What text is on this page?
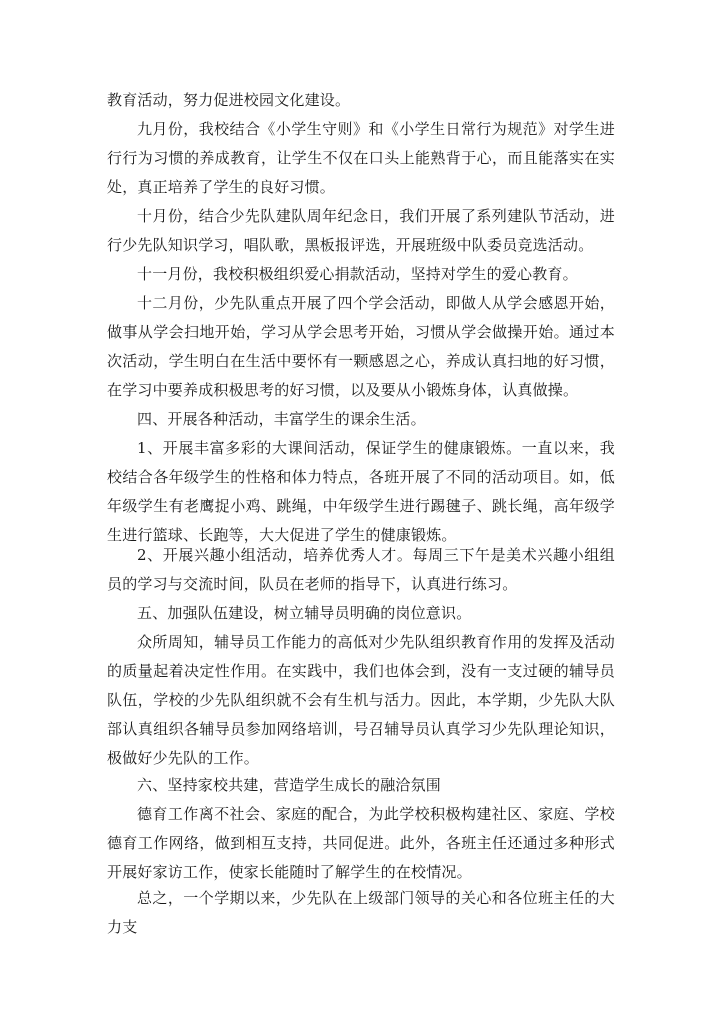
教育活动，努力促进校园文化建设。

九月份，我校结合《小学生守则》和《小学生日常行为规范》对学生进行行为习惯的养成教育，让学生不仅在口头上能熟背于心，而且能落实在实处，真正培养了学生的良好习惯。

十月份，结合少先队建队周年纪念日，我们开展了系列建队节活动，进行少先队知识学习，唱队歌，黑板报评选，开展班级中队委员竞选活动。

十一月份，我校积极组织爱心捐款活动，坚持对学生的爱心教育。

十二月份，少先队重点开展了四个学会活动，即做人从学会感恩开始，做事从学会扫地开始，学习从学会思考开始，习惯从学会做操开始。通过本次活动，学生明白在生活中要怀有一颗感恩之心，养成认真扫地的好习惯，在学习中要养成积极思考的好习惯，以及要从小锻炼身体，认真做操。

四、开展各种活动，丰富学生的课余生活。

1、开展丰富多彩的大课间活动，保证学生的健康锻炼。一直以来，我校结合各年级学生的性格和体力特点，各班开展了不同的活动项目。如，低年级学生有老鹰捉小鸡、跳绳，中年级学生进行踢毽子、跳长绳，高年级学生进行篮球、长跑等，大大促进了学生的健康锻炼。

2、开展兴趣小组活动，培养优秀人才。每周三下午是美术兴趣小组组员的学习与交流时间，队员在老师的指导下，认真进行练习。

五、加强队伍建设，树立辅导员明确的岗位意识。

众所周知，辅导员工作能力的高低对少先队组织教育作用的发挥及活动的质量起着决定性作用。在实践中，我们也体会到，没有一支过硬的辅导员队伍，学校的少先队组织就不会有生机与活力。因此，本学期，少先队大队部认真组织各辅导员参加网络培训，号召辅导员认真学习少先队理论知识，极做好少先队的工作。

六、坚持家校共建，营造学生成长的融洽氛围

德育工作离不社会、家庭的配合，为此学校积极构建社区、家庭、学校德育工作网络，做到相互支持，共同促进。此外，各班主任还通过多种形式开展好家访工作，使家长能随时了解学生的在校情况。

总之，一个学期以来，少先队在上级部门领导的关心和各位班主任的大力支
